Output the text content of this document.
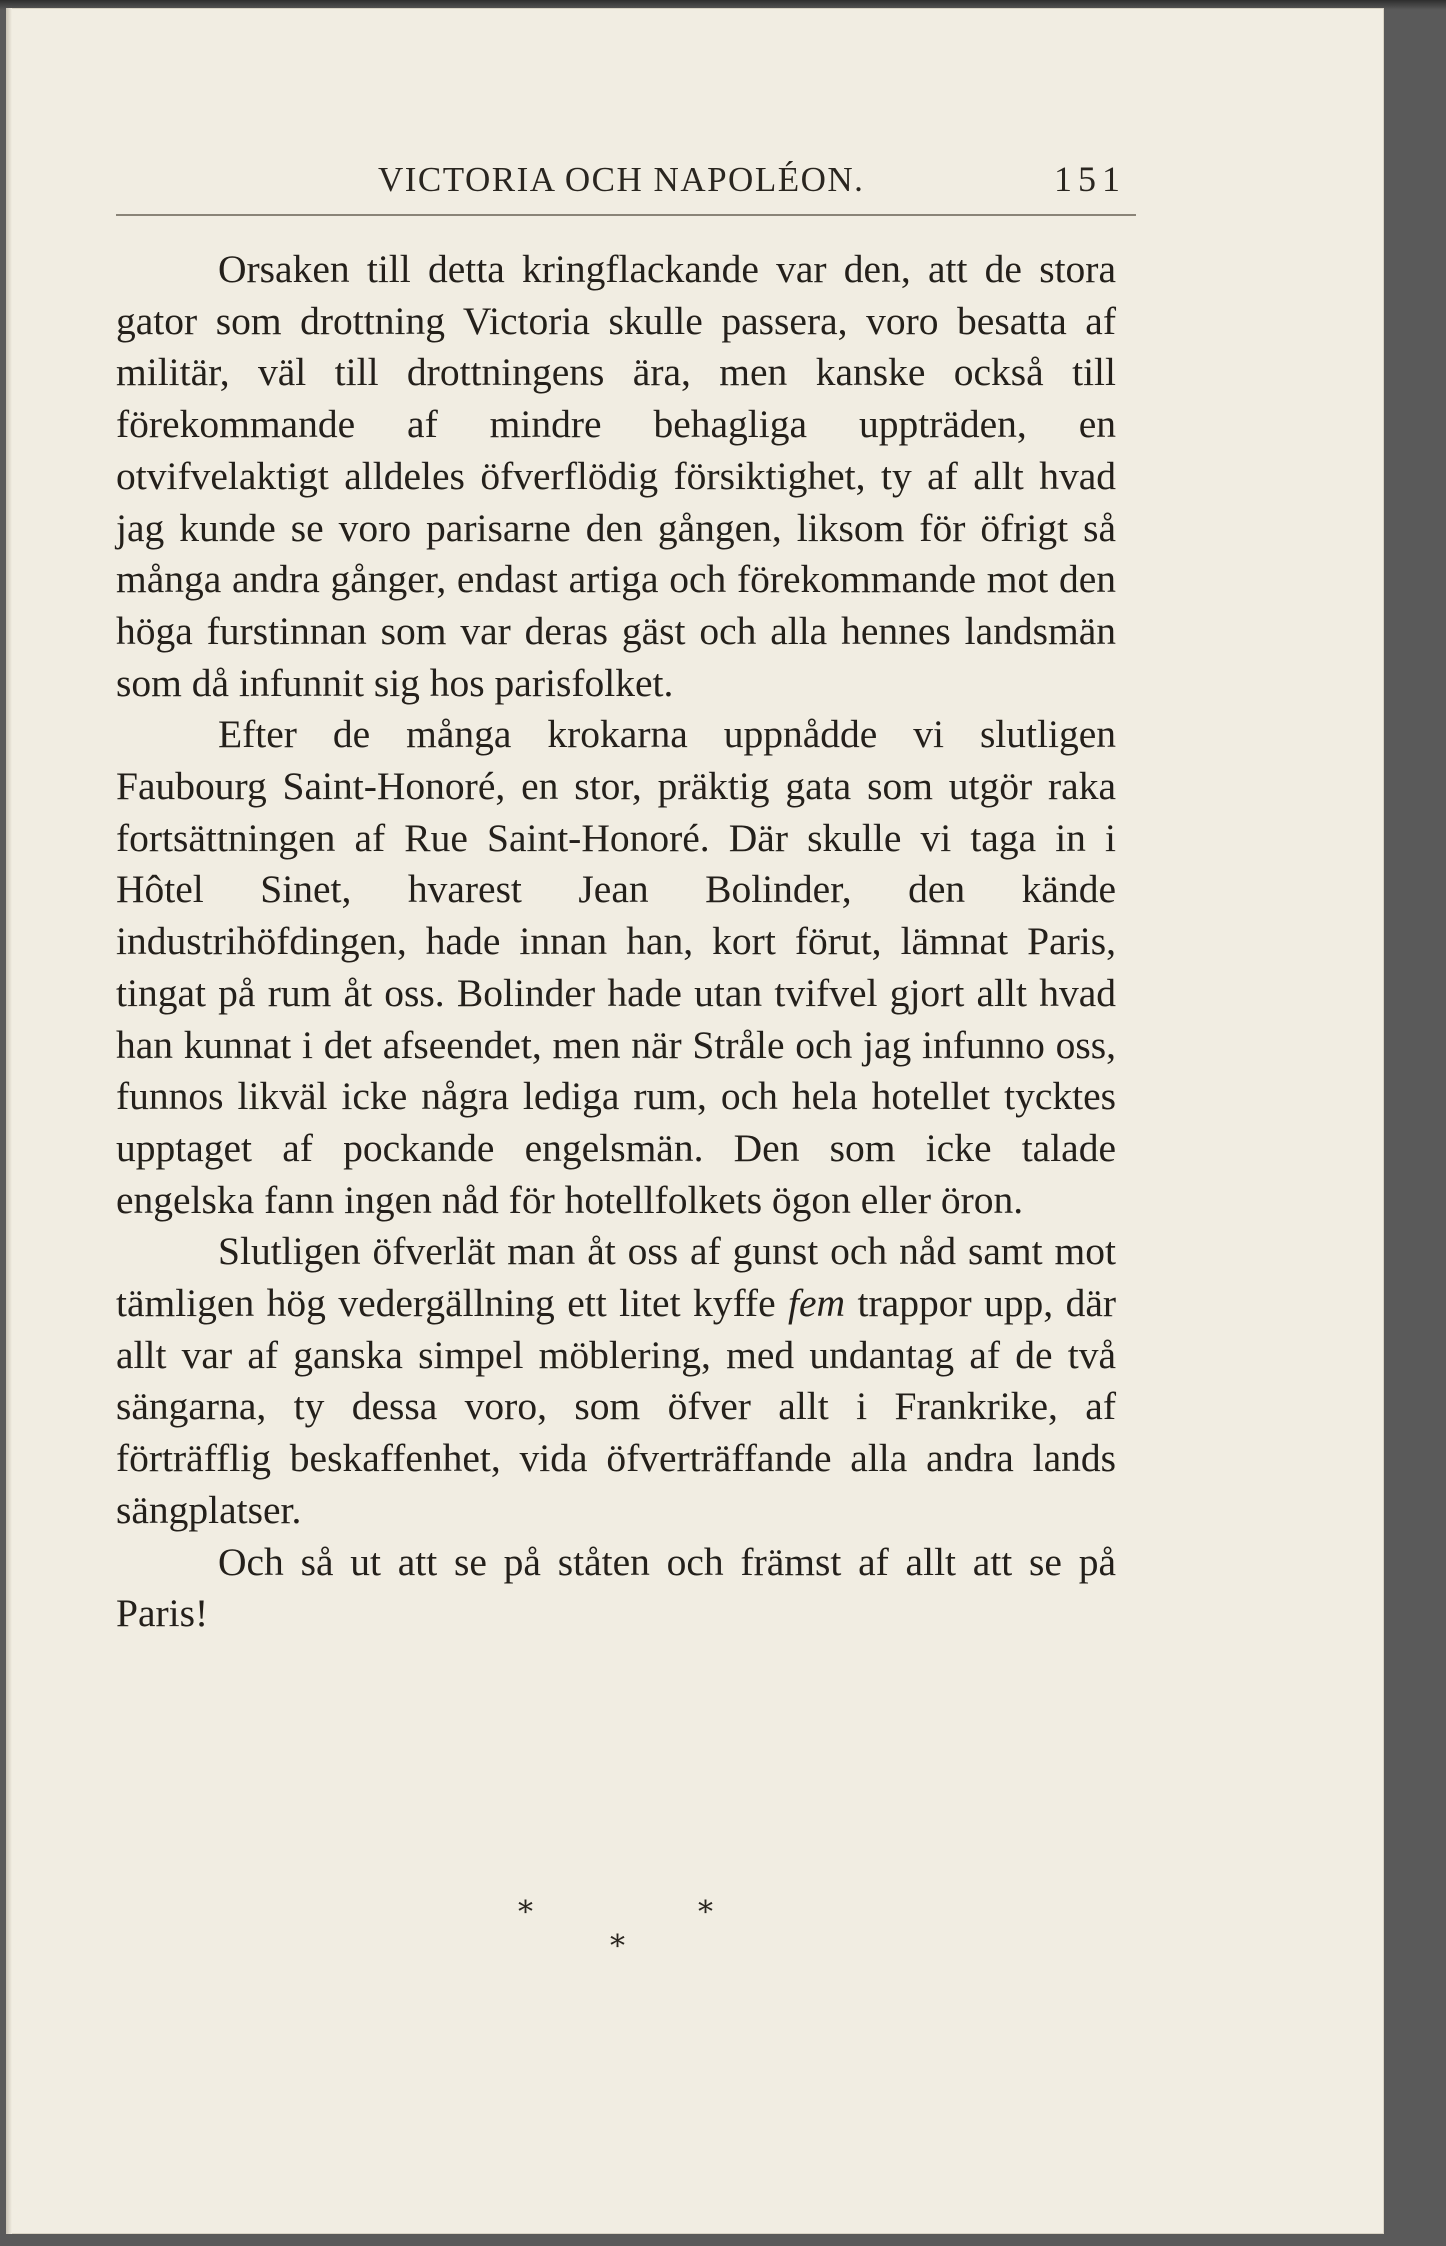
VICTORIA OCH NAPOLÉON.	151

Orsaken till detta kringflackande var den, att de stora gator som drottning Victoria skulle passera, voro besatta af militär, väl till drottningens ära, men kanske också till förekommande af mindre behagliga uppträden, en otvifvelaktigt alldeles öfverflödig försiktighet, ty af allt hvad jag kunde se voro parisarne den gången, liksom för öfrigt så många andra gånger, endast artiga och förekommande mot den höga furstinnan som var deras gäst och alla hennes landsmän som då infunnit sig hos parisfolket.

Efter de många krokarna uppnådde vi slutligen Faubourg Saint-Honoré, en stor, präktig gata som utgör raka fortsättningen af Rue Saint-Honoré. Där skulle vi taga in i Hôtel Sinet, hvarest Jean Bolinder, den kände industrihöfdingen, hade innan han, kort förut, lämnat Paris, tingat på rum åt oss. Bolinder hade utan tvifvel gjort allt hvad han kunnat i det afseendet, men när Stråle och jag infunno oss, funnos likväl icke några lediga rum, och hela hotellet tycktes upptaget af pockande engelsmän. Den som icke talade engelska fann ingen nåd för hotellfolkets ögon eller öron.

Slutligen öfverlät man åt oss af gunst och nåd samt mot tämligen hög vedergällning ett litet kyffe fem trappor upp, där allt var af ganska simpel möblering, med undantag af de två sängarna, ty dessa voro, som öfver allt i Frankrike, af förträfflig beskaffenhet, vida öfverträffande alla andra lands sängplatser.

Och så ut att se på ståten och främst af allt att se på Paris!

*	*
*
